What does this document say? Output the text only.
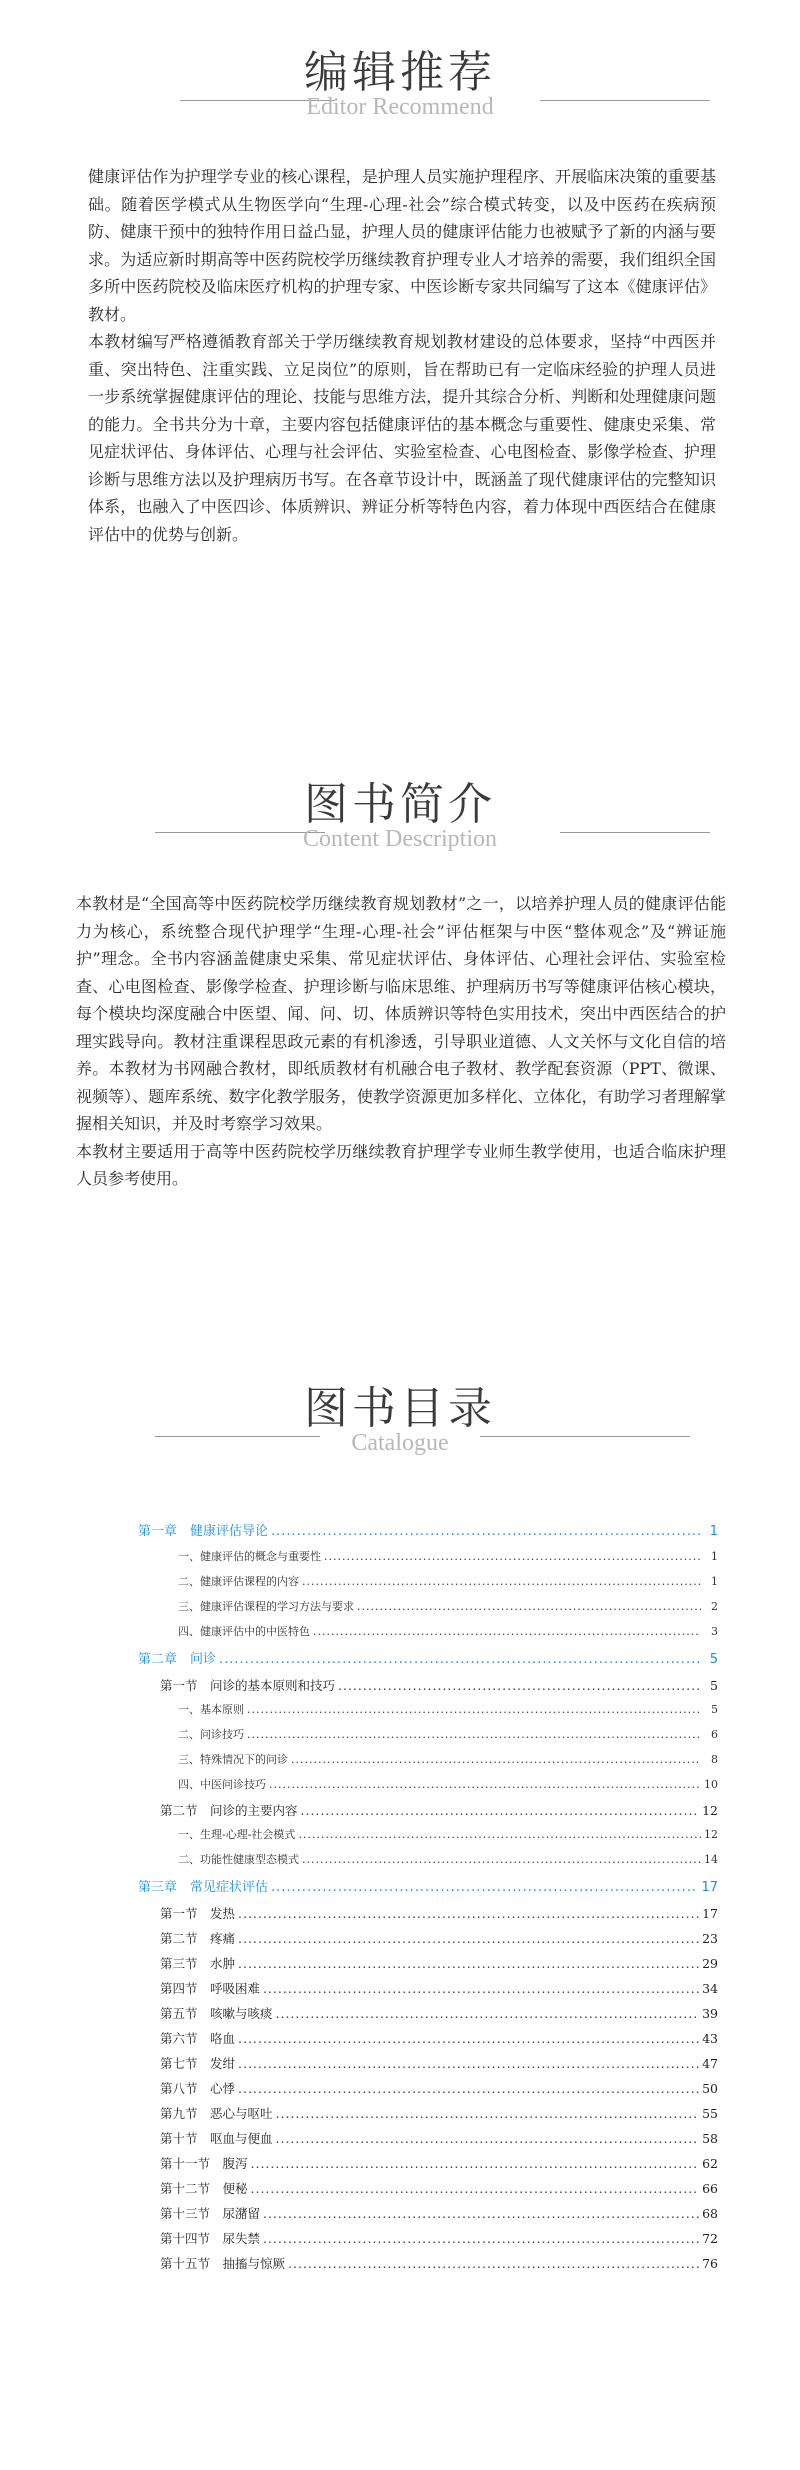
编辑推荐
Editor Recommend

健康评估作为护理学专业的核心课程，是护理人员实施护理程序、开展临床决策的重要基础。随着医学模式从生物医学向“生理-心理-社会”综合模式转变，以及中医药在疾病预防、健康干预中的独特作用日益凸显，护理人员的健康评估能力也被赋予了新的内涵与要求。为适应新时期高等中医药院校学历继续教育护理专业人才培养的需要，我们组织全国多所中医药院校及临床医疗机构的护理专家、中医诊断专家共同编写了这本《健康评估》教材。

本教材编写严格遵循教育部关于学历继续教育规划教材建设的总体要求，坚持“中西医并重、突出特色、注重实践、立足岗位”的原则，旨在帮助已有一定临床经验的护理人员进一步系统掌握健康评估的理论、技能与思维方法，提升其综合分析、判断和处理健康问题的能力。全书共分为十章，主要内容包括健康评估的基本概念与重要性、健康史采集、常见症状评估、身体评估、心理与社会评估、实验室检查、心电图检查、影像学检查、护理诊断与思维方法以及护理病历书写。在各章节设计中，既涵盖了现代健康评估的完整知识体系，也融入了中医四诊、体质辨识、辨证分析等特色内容，着力体现中西医结合在健康评估中的优势与创新。

图书简介
Content Description

本教材是“全国高等中医药院校学历继续教育规划教材”之一，以培养护理人员的健康评估能力为核心，系统整合现代护理学“生理-心理-社会”评估框架与中医“整体观念”及“辨证施护”理念。全书内容涵盖健康史采集、常见症状评估、身体评估、心理社会评估、实验室检查、心电图检查、影像学检查、护理诊断与临床思维、护理病历书写等健康评估核心模块，每个模块均深度融合中医望、闻、问、切、体质辨识等特色实用技术，突出中西医结合的护理实践导向。教材注重课程思政元素的有机渗透，引导职业道德、人文关怀与文化自信的培养。本教材为书网融合教材，即纸质教材有机融合电子教材、教学配套资源（PPT、微课、视频等）、题库系统、数字化教学服务，使教学资源更加多样化、立体化，有助学习者理解掌握相关知识，并及时考察学习效果。

本教材主要适用于高等中医药院校学历继续教育护理学专业师生教学使用，也适合临床护理人员参考使用。

图书目录
Catalogue
第一章　健康评估导论 .....	1
一、健康评估的概念与重要性 .....	1
二、健康评估课程的内容 .....	1
三、健康评估课程的学习方法与要求 .....	2
四、健康评估中的中医特色 .....	3
第二章　问诊 .....	5
第一节　问诊的基本原则和技巧 .....	5
一、基本原则 .....	5
二、问诊技巧 .....	6
三、特殊情况下的问诊 .....	8
四、中医问诊技巧 .....	10
第二节　问诊的主要内容 .....	12
一、生理-心理-社会模式 .....	12
二、功能性健康型态模式 .....	14
第三章　常见症状评估 .....	17
第一节　发热 .....	17
第二节　疼痛 .....	23
第三节　水肿 .....	29
第四节　呼吸困难 .....	34
第五节　咳嗽与咳痰 .....	39
第六节　咯血 .....	43
第七节　发绀 .....	47
第八节　心悸 .....	50
第九节　恶心与呕吐 .....	55
第十节　呕血与便血 .....	58
第十一节　腹泻 .....	62
第十二节　便秘 .....	66
第十三节　尿潴留 .....	68
第十四节　尿失禁 .....	72
第十五节　抽搐与惊厥 .....	76
